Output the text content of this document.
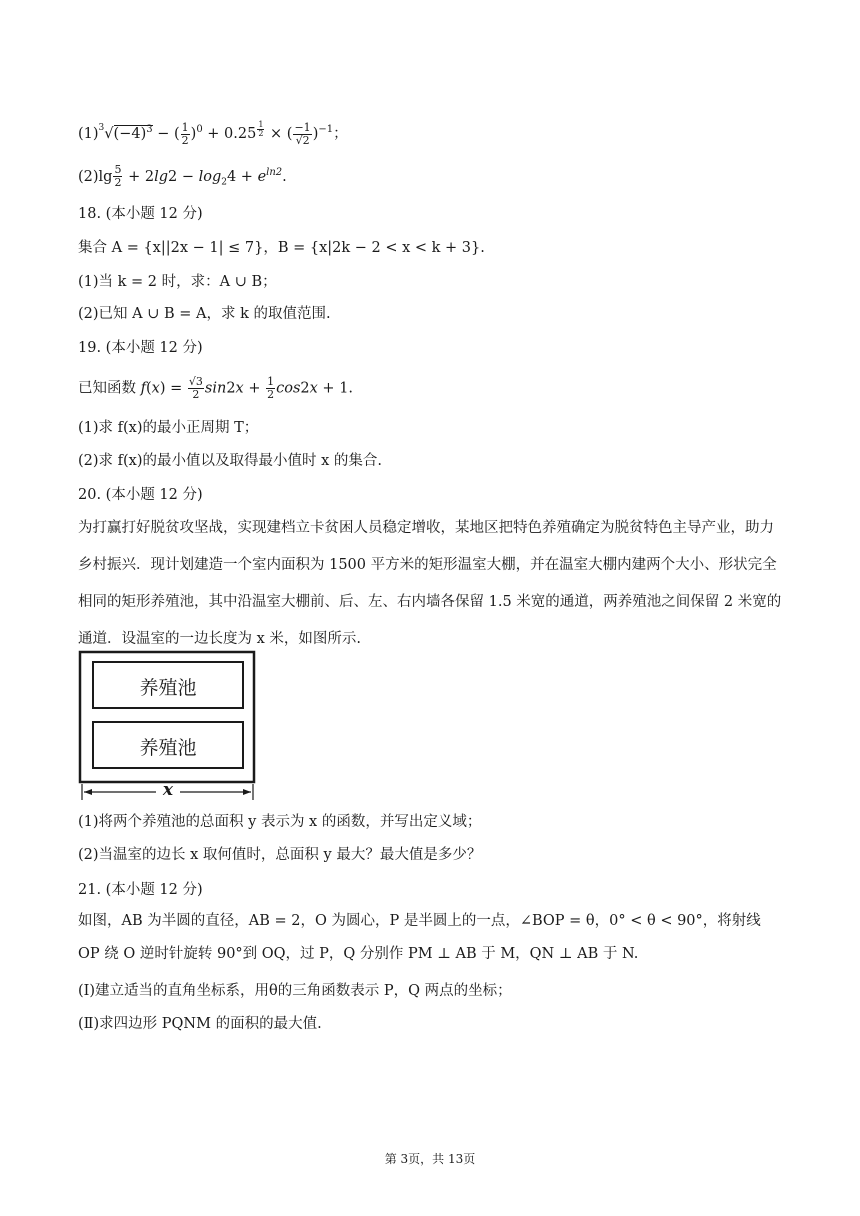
$(1)^3√(-4)^3$ − ( $\frac{1}{2} )^0 + 0.25$ $^{\frac{1}{2}}$ × ( $\frac{-1}{√2} )^{-1}$；
$(2)\lg \frac{5}{2} + 2\lg 2 - \log_24 + e^{ln2}$.
18. (本小题 12 分)
集合 A = {x||2x − 1| ≤ 7}，B = {x|2k − 2 < x < k + 3}.
(1)当 k = 2 时，求：A ∪ B；
(2)已知 A ∪ B = A，求 k 的取值范围.
19. (本小题 12 分)
已知函数 $f(x) = \frac{√3}{2} \sin 2x + \frac{1}{2} \cos 2x + 1$.
(1)求 f(x)的最小正周期 T；
(2)求 f(x)的最小值以及取得最小值时 x 的集合.
20. (本小题 12 分)
为打赢打好脱贫攻坚战，实现建档立卡贫困人员稳定增收，某地区把特色养殖确定为脱贫特色主导产业，助力乡村振兴．现计划建造一个室内面积为 1500 平方米的矩形温室大棚，并在温室大棚内建两个大小、形状完全相同的矩形养殖池，其中沿温室大棚前、后、左、右内墙各保留 1.5 米宽的通道，两养殖池之间保留 2 米宽的通道．设温室的一边长度为 x 米，如图所示.
养殖池
养殖池
x
(1)将两个养殖池的总面积 y 表示为 x 的函数，并写出定义域；
(2)当温室的边长 x 取何值时，总面积 y 最大？最大值是多少？
21. (本小题 12 分)
如图，AB 为半圆的直径，AB = 2，O 为圆心，P 是半圆上的一点，∠BOP = θ，0° < θ < 90°，将射线 OP 绕 O 逆时针旋转 90°到 OQ，过 P，Q 分别作 PM ⊥ AB 于 M，QN ⊥ AB 于 N.
(Ⅰ)建立适当的直角坐标系，用θ的三角函数表示 P，Q 两点的坐标；
(Ⅱ)求四边形 PQNM 的面积的最大值.
第 3页，共 13页
